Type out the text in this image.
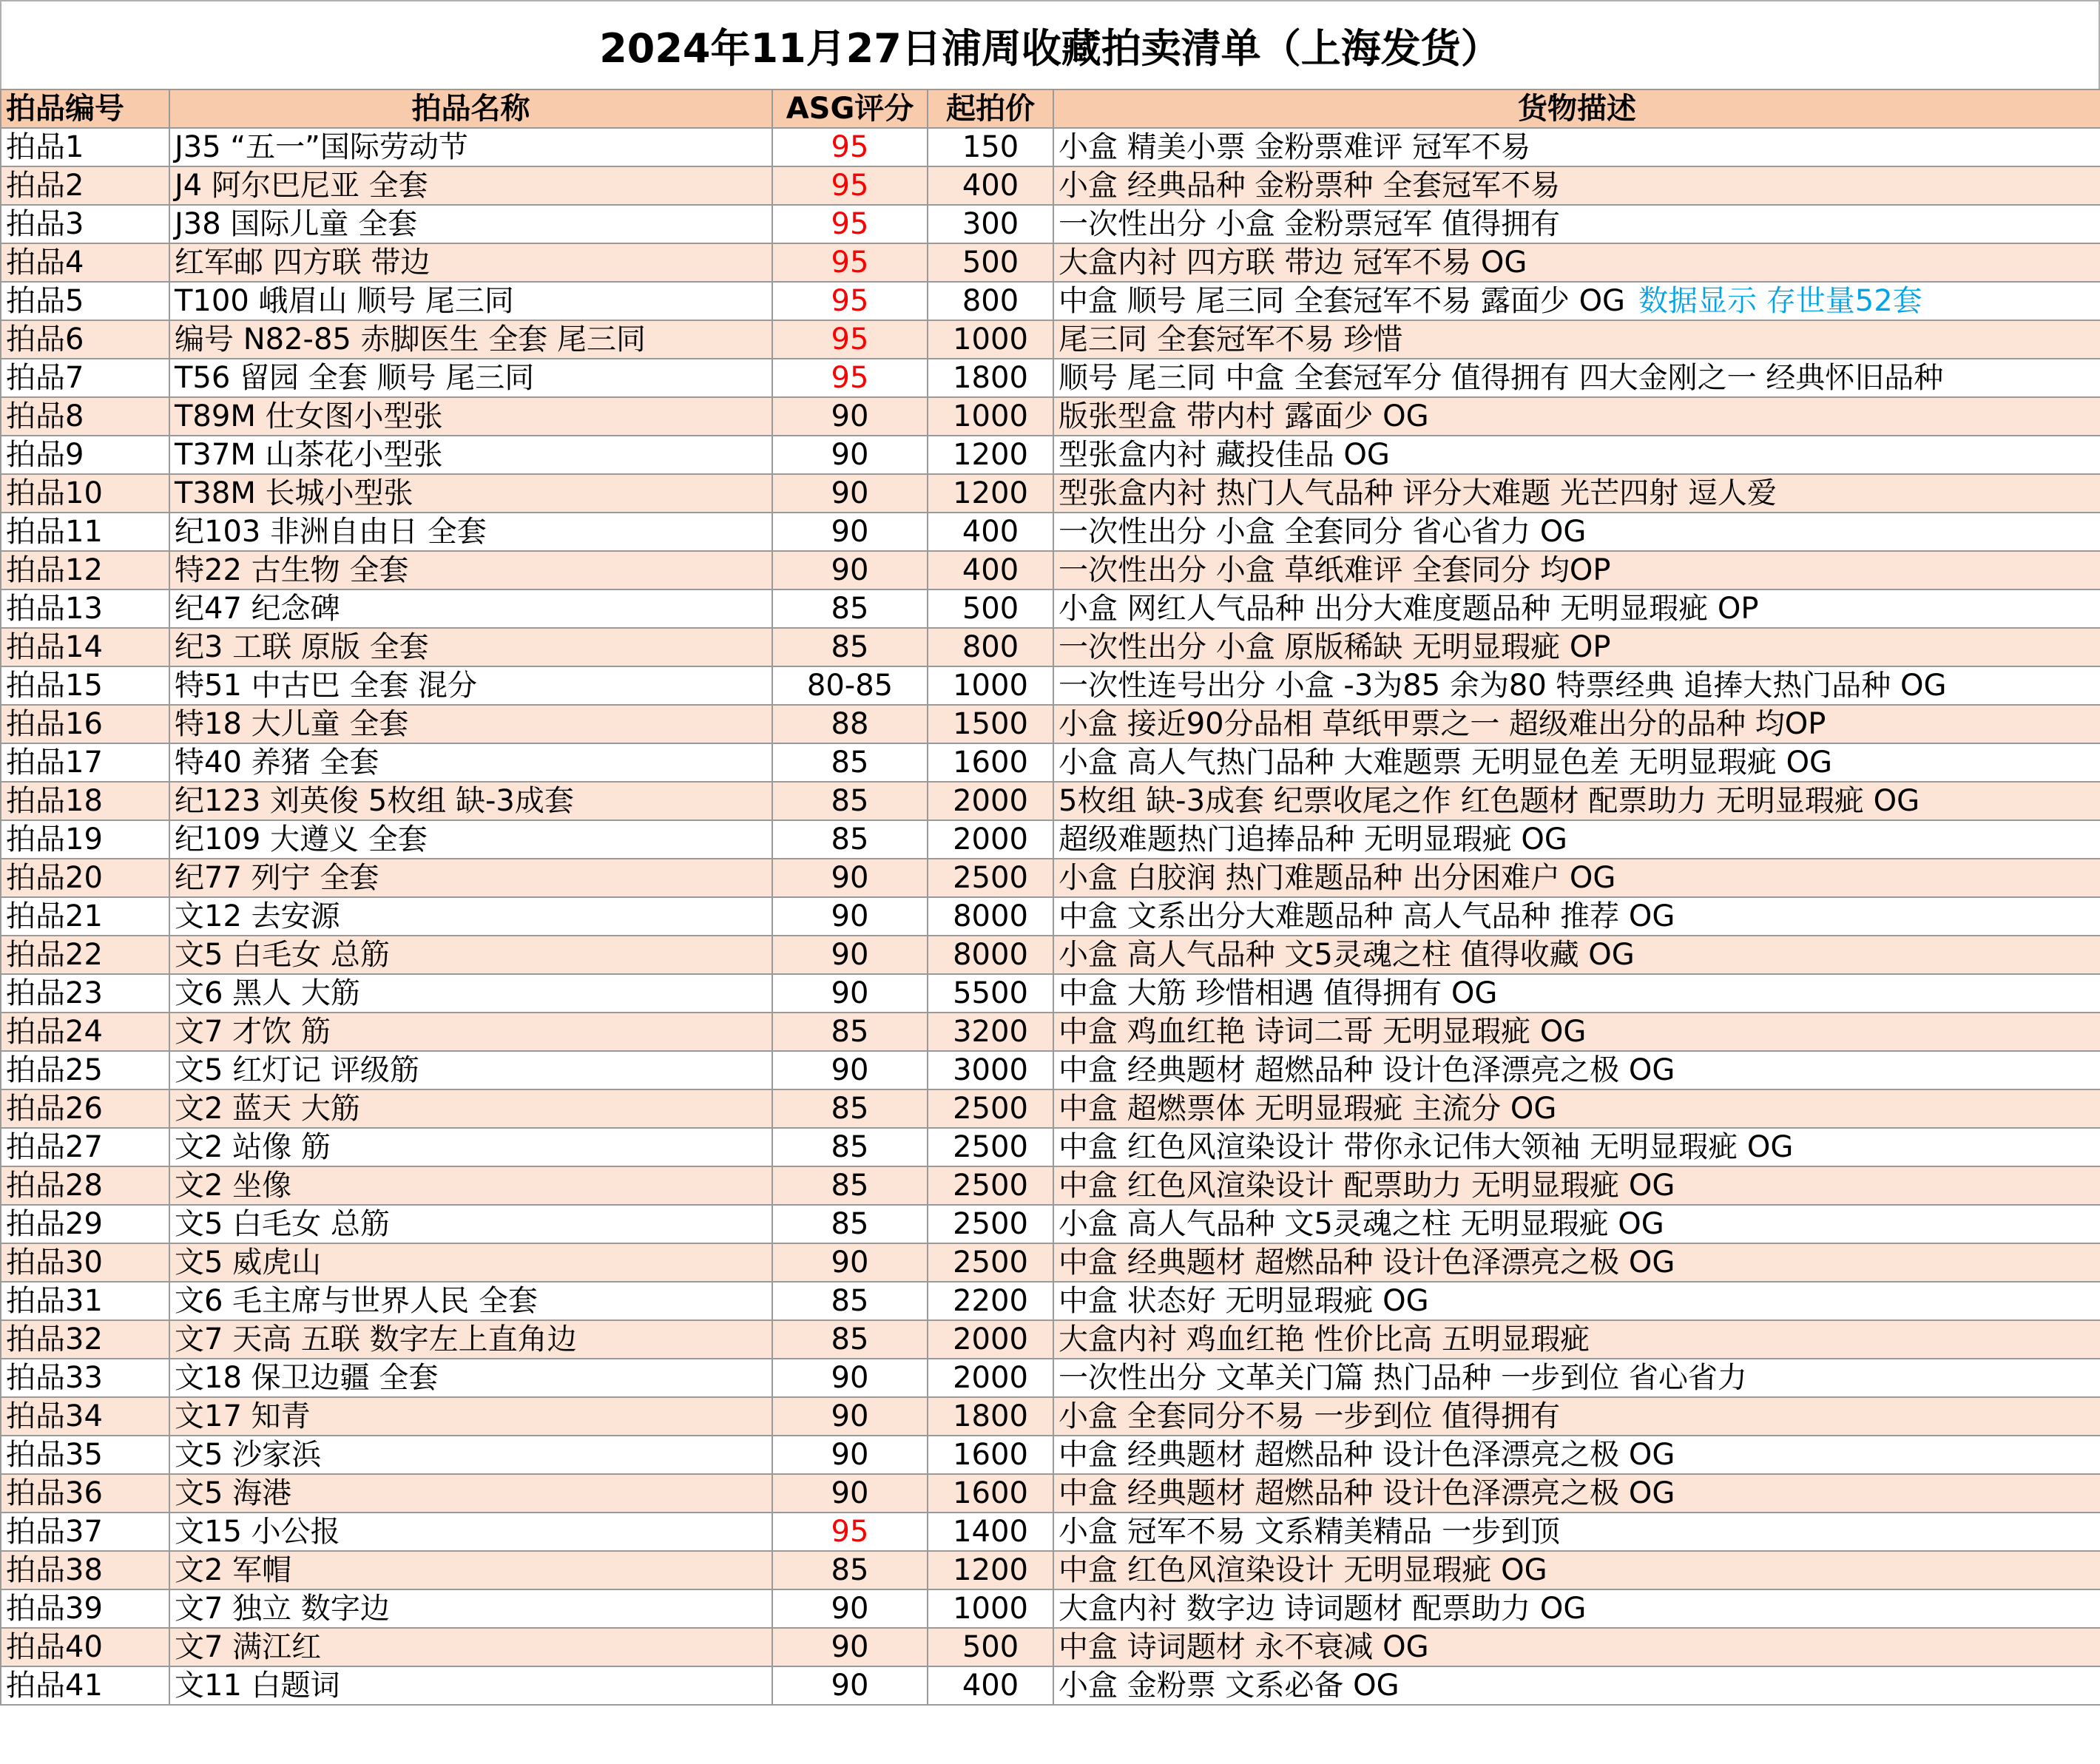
2024年11月27日浦周收藏拍卖清单（上海发货）
拍品编号	拍品名称	ASG评分	起拍价	货物描述
拍品1	J35 “五一”国际劳动节	95	150	小盒 精美小票 金粉票难评 冠军不易
拍品2	J4 阿尔巴尼亚 全套	95	400	小盒 经典品种 金粉票种 全套冠军不易
拍品3	J38 国际儿童 全套	95	300	一次性出分 小盒 金粉票冠军 值得拥有
拍品4	红军邮 四方联 带边	95	500	大盒内衬 四方联 带边 冠军不易 OG
拍品5	T100 峨眉山 顺号 尾三同	95	800	中盒 顺号 尾三同 全套冠军不易 露面少 OG 数据显示 存世量52套
拍品6	编号 N82-85 赤脚医生 全套 尾三同	95	1000	尾三同 全套冠军不易 珍惜
拍品7	T56 留园 全套 顺号 尾三同	95	1800	顺号 尾三同 中盒 全套冠军分 值得拥有 四大金刚之一 经典怀旧品种
拍品8	T89M 仕女图小型张	90	1000	版张型盒 带内村 露面少 OG
拍品9	T37M 山茶花小型张	90	1200	型张盒内衬 藏投佳品 OG
拍品10	T38M 长城小型张	90	1200	型张盒内衬 热门人气品种 评分大难题 光芒四射 逗人爱
拍品11	纪103 非洲自由日 全套	90	400	一次性出分 小盒 全套同分 省心省力 OG
拍品12	特22 古生物 全套	90	400	一次性出分 小盒 草纸难评 全套同分 均OP
拍品13	纪47 纪念碑	85	500	小盒 网红人气品种 出分大难度题品种 无明显瑕疵 OP
拍品14	纪3 工联 原版 全套	85	800	一次性出分 小盒 原版稀缺 无明显瑕疵 OP
拍品15	特51 中古巴 全套 混分	80-85	1000	一次性连号出分 小盒 -3为85 余为80 特票经典 追捧大热门品种 OG
拍品16	特18 大儿童 全套	88	1500	小盒 接近90分品相 草纸甲票之一 超级难出分的品种 均OP
拍品17	特40 养猪 全套	85	1600	小盒 高人气热门品种 大难题票 无明显色差 无明显瑕疵 OG
拍品18	纪123 刘英俊 5枚组 缺-3成套	85	2000	5枚组 缺-3成套 纪票收尾之作 红色题材 配票助力 无明显瑕疵 OG
拍品19	纪109 大遵义 全套	85	2000	超级难题热门追捧品种 无明显瑕疵 OG
拍品20	纪77 列宁 全套	90	2500	小盒 白胶润 热门难题品种 出分困难户 OG
拍品21	文12 去安源	90	8000	中盒 文系出分大难题品种 高人气品种 推荐 OG
拍品22	文5 白毛女 总筋	90	8000	小盒 高人气品种 文5灵魂之柱 值得收藏 OG
拍品23	文6 黑人 大筋	90	5500	中盒 大筋 珍惜相遇 值得拥有 OG
拍品24	文7 才饮 筋	85	3200	中盒 鸡血红艳 诗词二哥 无明显瑕疵 OG
拍品25	文5 红灯记 评级筋	90	3000	中盒 经典题材 超燃品种 设计色泽漂亮之极 OG
拍品26	文2 蓝天 大筋	85	2500	中盒 超燃票体 无明显瑕疵 主流分 OG
拍品27	文2 站像 筋	85	2500	中盒 红色风渲染设计 带你永记伟大领袖 无明显瑕疵 OG
拍品28	文2 坐像	85	2500	中盒 红色风渲染设计 配票助力 无明显瑕疵 OG
拍品29	文5 白毛女 总筋	85	2500	小盒 高人气品种 文5灵魂之柱 无明显瑕疵 OG
拍品30	文5 威虎山	90	2500	中盒 经典题材 超燃品种 设计色泽漂亮之极 OG
拍品31	文6 毛主席与世界人民 全套	85	2200	中盒 状态好 无明显瑕疵 OG
拍品32	文7 天高 五联 数字左上直角边	85	2000	大盒内衬 鸡血红艳 性价比高 五明显瑕疵
拍品33	文18 保卫边疆 全套	90	2000	一次性出分 文革关门篇 热门品种 一步到位 省心省力
拍品34	文17 知青	90	1800	小盒 全套同分不易 一步到位 值得拥有
拍品35	文5 沙家浜	90	1600	中盒 经典题材 超燃品种 设计色泽漂亮之极 OG
拍品36	文5 海港	90	1600	中盒 经典题材 超燃品种 设计色泽漂亮之极 OG
拍品37	文15 小公报	95	1400	小盒 冠军不易 文系精美精品 一步到顶
拍品38	文2 军帽	85	1200	中盒 红色风渲染设计 无明显瑕疵 OG
拍品39	文7 独立 数字边	90	1000	大盒内衬 数字边 诗词题材 配票助力 OG
拍品40	文7 满江红	90	500	中盒 诗词题材 永不衰减 OG
拍品41	文11 白题词	90	400	小盒 金粉票 文系必备 OG
